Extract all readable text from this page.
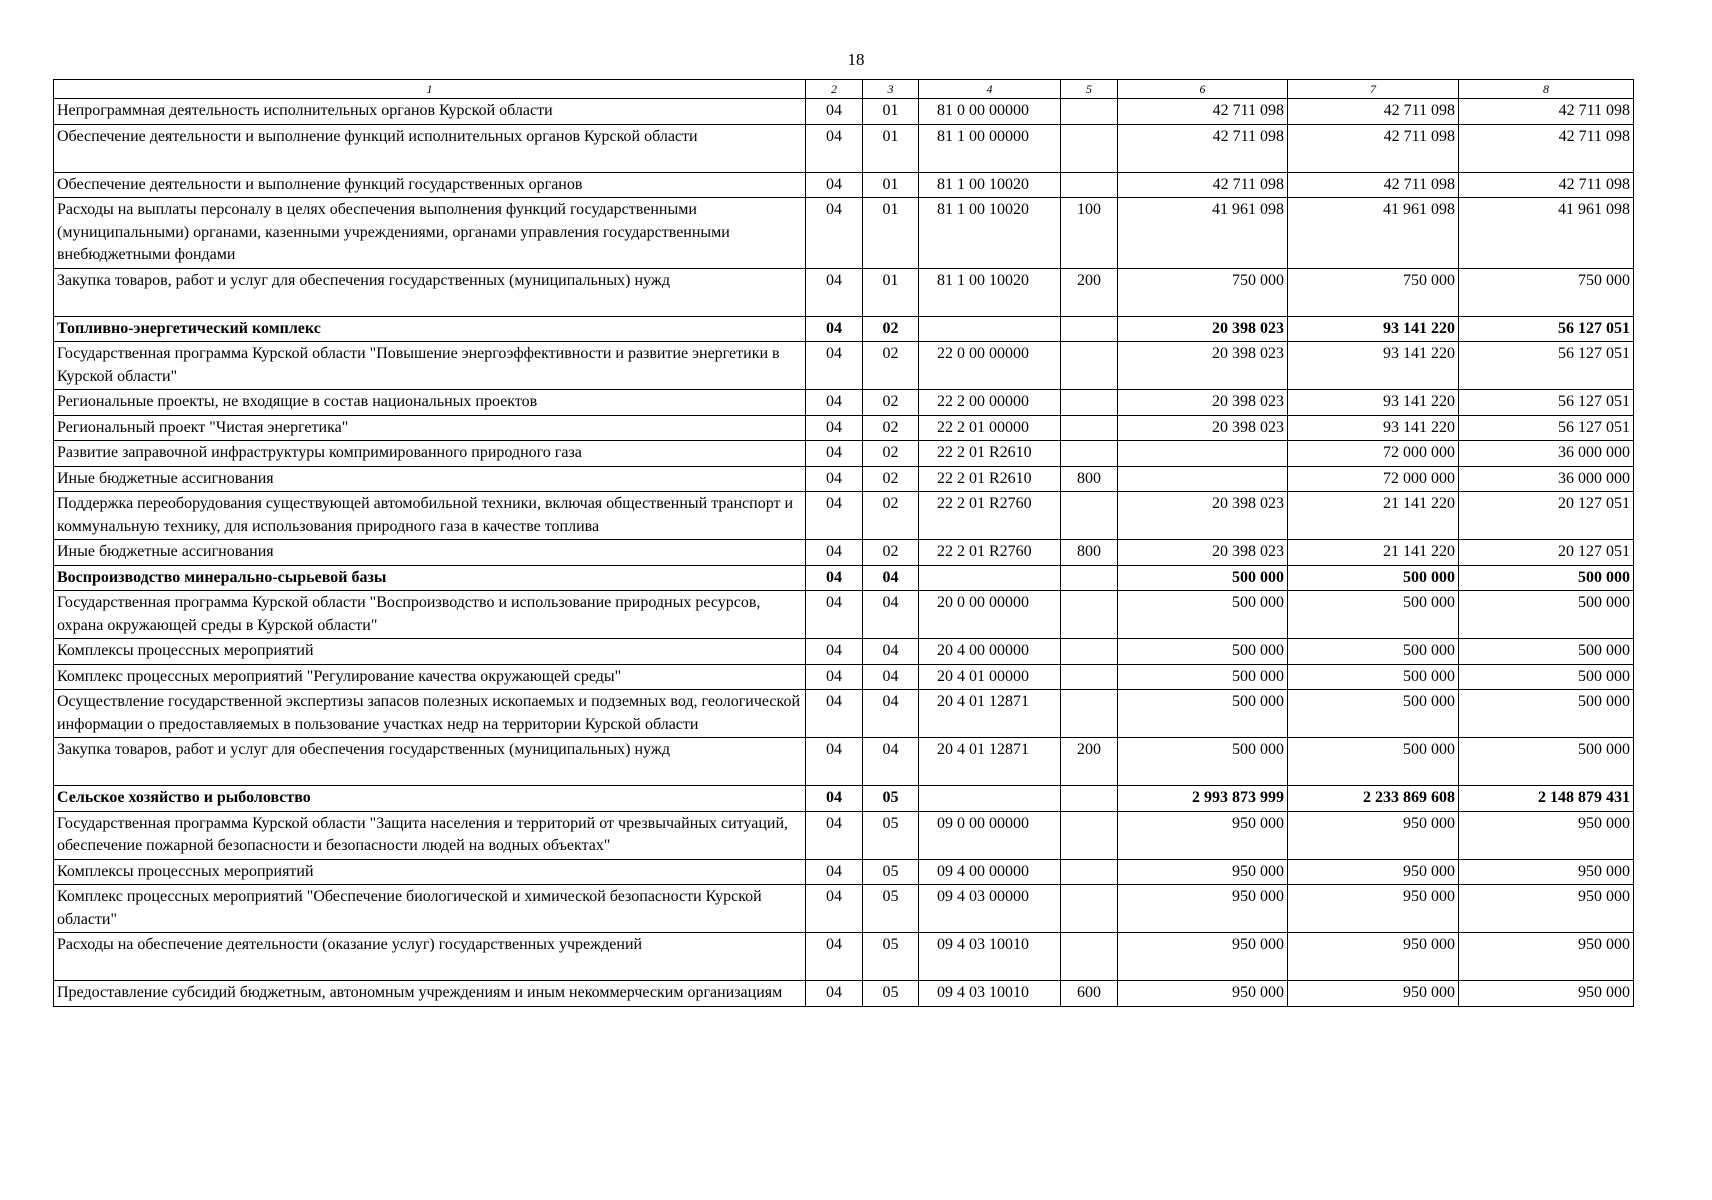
18
1	2	3	4	5	6	7	8
Непрограммная деятельность исполнительных органов Курской области	04	01	81 0 00 00000		42 711 098	42 711 098	42 711 098
Обеспечение деятельности и выполнение функций исполнительных органов Курской области	04	01	81 1 00 00000		42 711 098	42 711 098	42 711 098
Обеспечение деятельности и выполнение функций государственных органов	04	01	81 1 00 10020		42 711 098	42 711 098	42 711 098
Расходы на выплаты персоналу в целях обеспечения выполнения функций государственными (муниципальными) органами, казенными учреждениями, органами управления государственными внебюджетными фондами	04	01	81 1 00 10020	100	41 961 098	41 961 098	41 961 098
Закупка товаров, работ и услуг для обеспечения государственных (муниципальных) нужд	04	01	81 1 00 10020	200	750 000	750 000	750 000
Топливно-энергетический комплекс	04	02			20 398 023	93 141 220	56 127 051
Государственная программа Курской области "Повышение энергоэффективности и развитие энергетики в Курской области"	04	02	22 0 00 00000		20 398 023	93 141 220	56 127 051
Региональные проекты, не входящие в состав национальных проектов	04	02	22 2 00 00000		20 398 023	93 141 220	56 127 051
Региональный проект "Чистая энергетика"	04	02	22 2 01 00000		20 398 023	93 141 220	56 127 051
Развитие заправочной инфраструктуры компримированного природного газа	04	02	22 2 01 R2610			72 000 000	36 000 000
Иные бюджетные ассигнования	04	02	22 2 01 R2610	800		72 000 000	36 000 000
Поддержка переоборудования существующей автомобильной техники, включая общественный транспорт и коммунальную технику, для использования природного газа в качестве топлива	04	02	22 2 01 R2760		20 398 023	21 141 220	20 127 051
Иные бюджетные ассигнования	04	02	22 2 01 R2760	800	20 398 023	21 141 220	20 127 051
Воспроизводство минерально-сырьевой базы	04	04			500 000	500 000	500 000
Государственная программа Курской области "Воспроизводство и использование природных ресурсов, охрана окружающей среды в Курской области"	04	04	20 0 00 00000		500 000	500 000	500 000
Комплексы процессных мероприятий	04	04	20 4 00 00000		500 000	500 000	500 000
Комплекс процессных мероприятий "Регулирование качества окружающей среды"	04	04	20 4 01 00000		500 000	500 000	500 000
Осуществление государственной экспертизы запасов полезных ископаемых и подземных вод, геологической информации о предоставляемых в пользование участках недр на территории Курской области	04	04	20 4 01 12871		500 000	500 000	500 000
Закупка товаров, работ и услуг для обеспечения государственных (муниципальных) нужд	04	04	20 4 01 12871	200	500 000	500 000	500 000
Сельское хозяйство и рыболовство	04	05			2 993 873 999	2 233 869 608	2 148 879 431
Государственная программа Курской области "Защита населения и территорий от чрезвычайных ситуаций, обеспечение пожарной безопасности и безопасности людей на водных объектах"	04	05	09 0 00 00000		950 000	950 000	950 000
Комплексы процессных мероприятий	04	05	09 4 00 00000		950 000	950 000	950 000
Комплекс процессных мероприятий "Обеспечение биологической и химической безопасности Курской области"	04	05	09 4 03 00000		950 000	950 000	950 000
Расходы на обеспечение деятельности (оказание услуг) государственных учреждений	04	05	09 4 03 10010		950 000	950 000	950 000
Предоставление субсидий бюджетным, автономным учреждениям и иным некоммерческим организациям	04	05	09 4 03 10010	600	950 000	950 000	950 000
